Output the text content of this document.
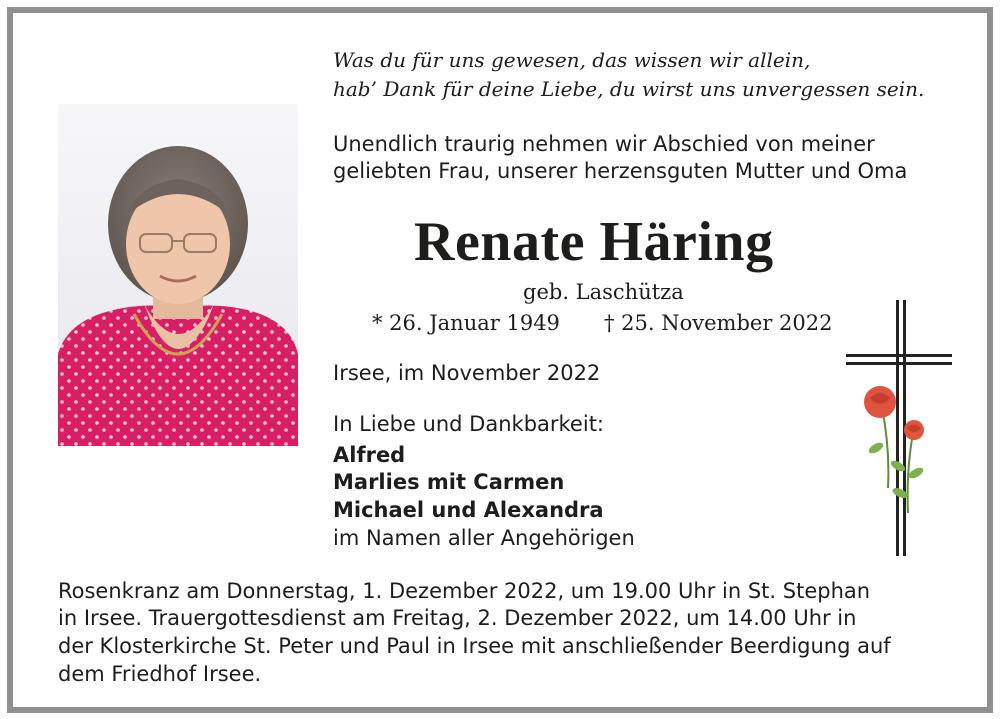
Was du für uns gewesen, das wissen wir allein,
hab’ Dank für deine Liebe, du wirst uns unvergessen sein.
Unendlich traurig nehmen wir Abschied von meiner
geliebten Frau, unserer herzensguten Mutter und Oma
Renate Häring
geb. Laschütza
* 26. Januar 1949 † 25. November 2022
Irsee, im November 2022
In Liebe und Dankbarkeit:
Alfred
Marlies mit Carmen
Michael und Alexandra
im Namen aller Angehörigen
Rosenkranz am Donnerstag, 1. Dezember 2022, um 19.00 Uhr in St. Stephan
in Irsee. Trauergottesdienst am Freitag, 2. Dezember 2022, um 14.00 Uhr in
der Klosterkirche St. Peter und Paul in Irsee mit anschließender Beerdigung auf
dem Friedhof Irsee.
